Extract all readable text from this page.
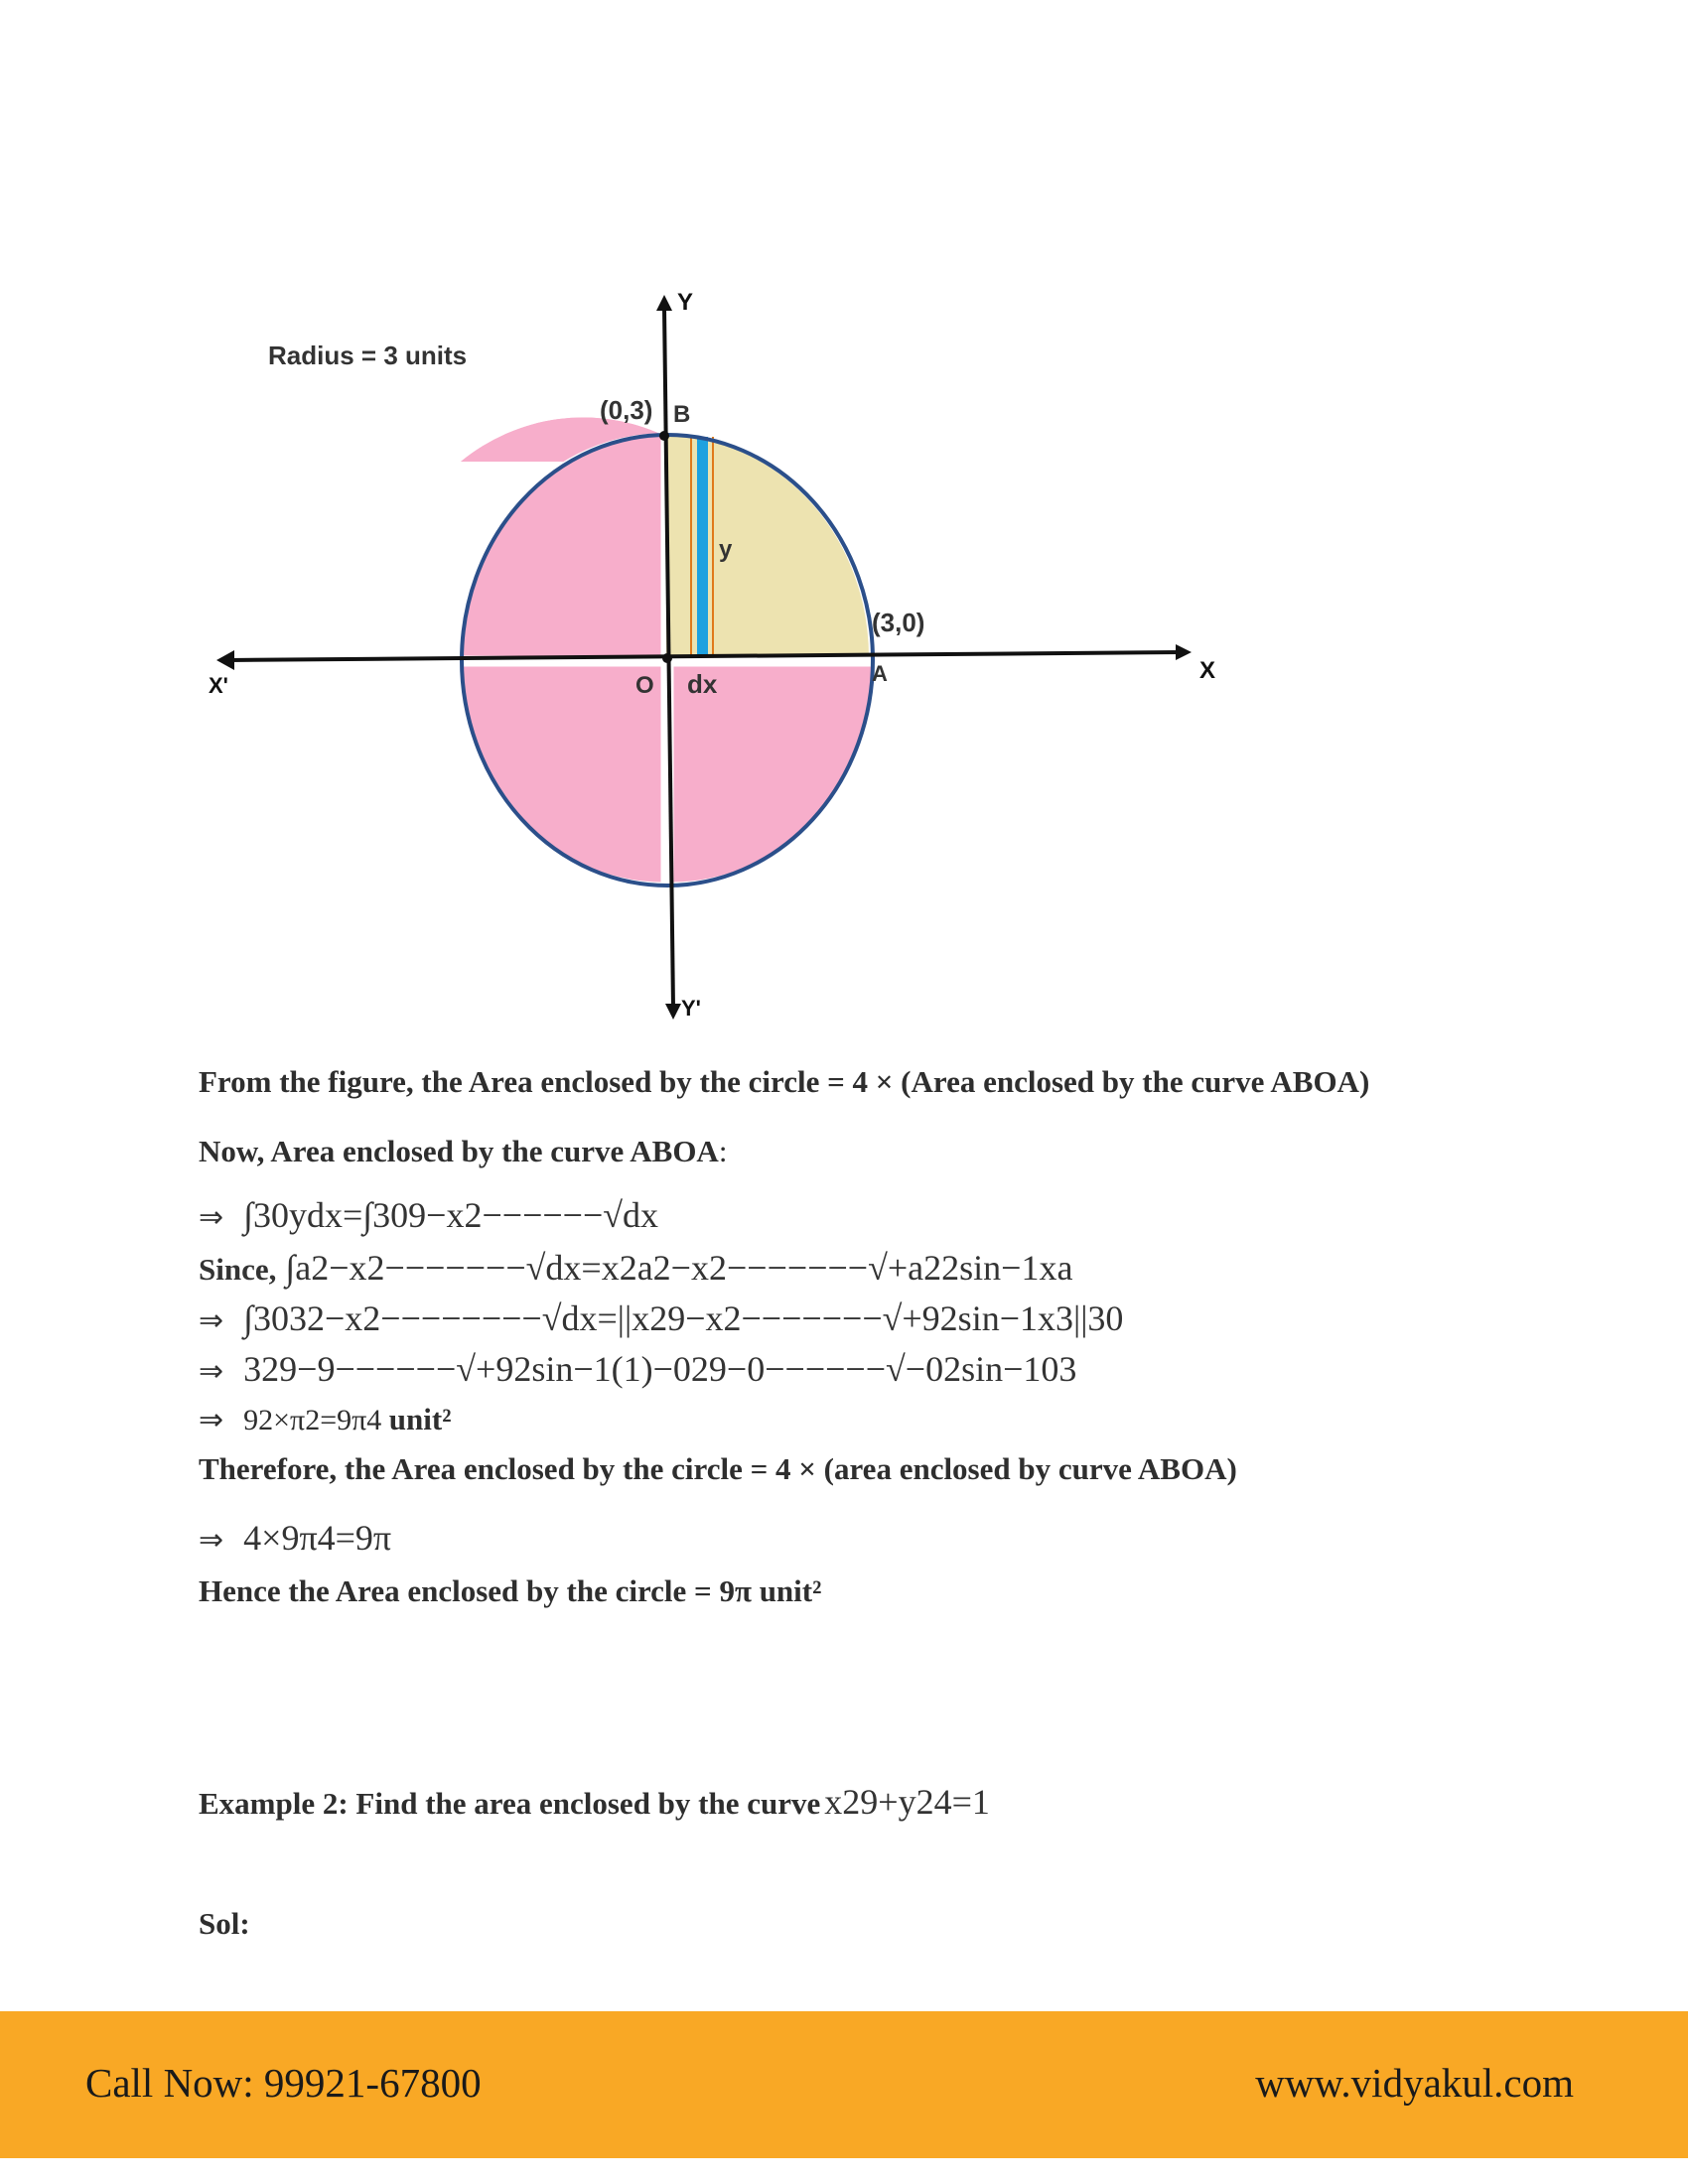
Radius = 3 units
Y
Y'
X
X'
(0,3) B
(3,0)
A
O dx
y
From the figure, the Area enclosed by the circle = 4 × (Area enclosed by the curve ABOA)
Now, Area enclosed by the curve ABOA:
⇒ ∫30ydx=∫309−x2−−−−−−√dx
Since, ∫a2−x2−−−−−−−√dx=x2a2−x2−−−−−−−√+a22sin−1xa
⇒ ∫3032−x2−−−−−−−−√dx=||x29−x2−−−−−−−√+92sin−1x3||30
⇒ 329−9−−−−−−√+92sin−1(1)−029−0−−−−−−√−02sin−103
⇒ 92×π2=9π4 unit²
Therefore, the Area enclosed by the circle = 4 × (area enclosed by curve ABOA)
⇒ 4×9π4=9π
Hence the Area enclosed by the circle = 9π unit²
Example 2: Find the area enclosed by the curve x29+y24=1
Sol:
Call Now: 99921-67800	www.vidyakul.com
